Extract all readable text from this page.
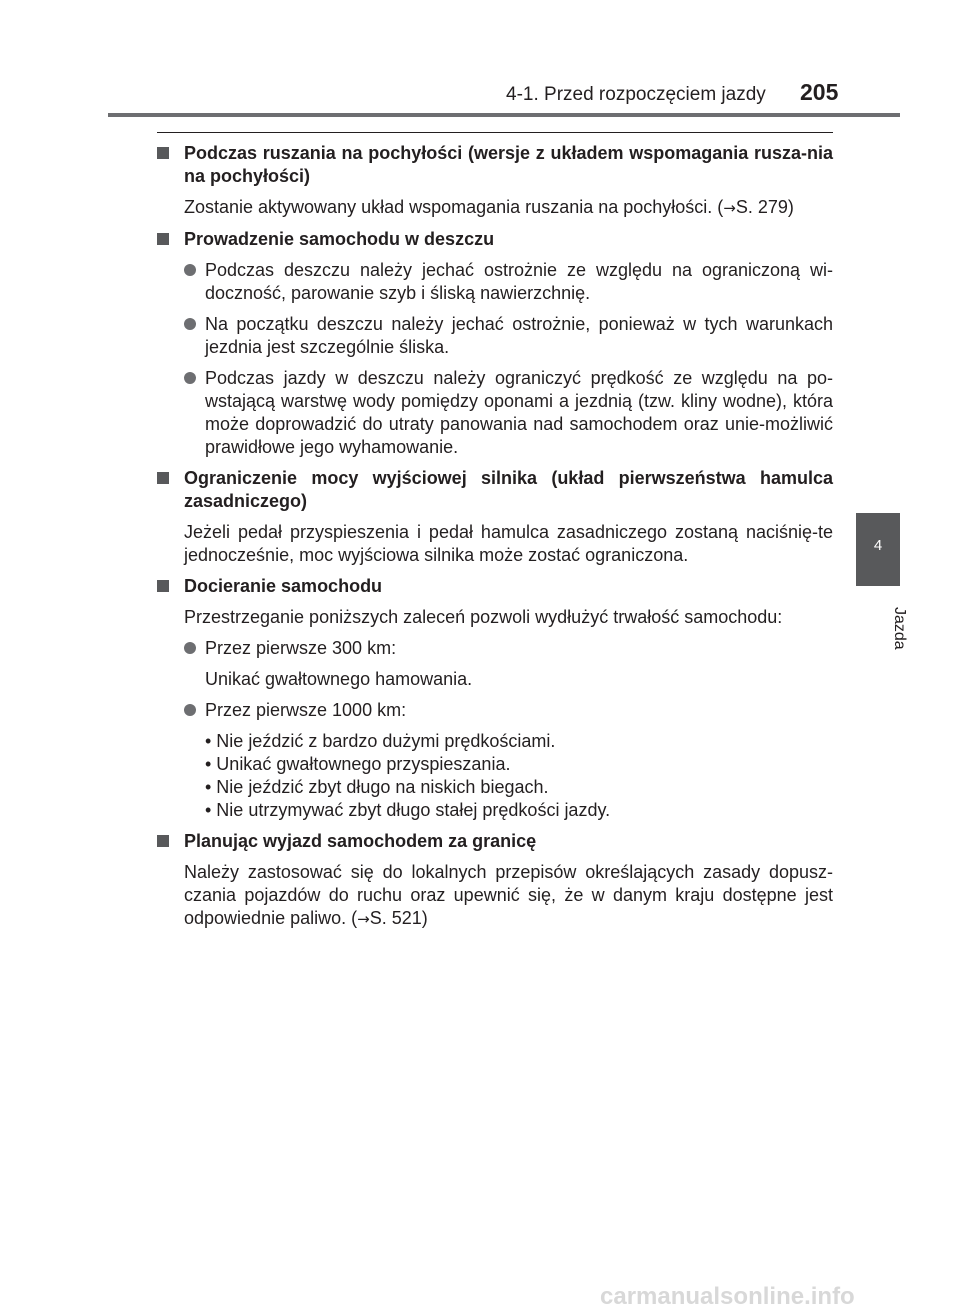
4-1. Przed rozpoczęciem jazdy 205
4
Jazda
Podczas ruszania na pochyłości (wersje z układem wspomagania rusza-nia na pochyłości)
Zostanie aktywowany układ wspomagania ruszania na pochyłości. (→S. 279)
Prowadzenie samochodu w deszczu
Podczas deszczu należy jechać ostrożnie ze względu na ograniczoną wi-doczność, parowanie szyb i śliską nawierzchnię.
Na początku deszczu należy jechać ostrożnie, ponieważ w tych warunkach jezdnia jest szczególnie śliska.
Podczas jazdy w deszczu należy ograniczyć prędkość ze względu na po-wstającą warstwę wody pomiędzy oponami a jezdnią (tzw. kliny wodne), która może doprowadzić do utraty panowania nad samochodem oraz unie-możliwić prawidłowe jego wyhamowanie.
Ograniczenie mocy wyjściowej silnika (układ pierwszeństwa hamulca zasadniczego)
Jeżeli pedał przyspieszenia i pedał hamulca zasadniczego zostaną naciśnię-te jednocześnie, moc wyjściowa silnika może zostać ograniczona.
Docieranie samochodu
Przestrzeganie poniższych zaleceń pozwoli wydłużyć trwałość samochodu:
Przez pierwsze 300 km:
Unikać gwałtownego hamowania.
Przez pierwsze 1000 km:
• Nie jeździć z bardzo dużymi prędkościami.
• Unikać gwałtownego przyspieszania.
• Nie jeździć zbyt długo na niskich biegach.
• Nie utrzymywać zbyt długo stałej prędkości jazdy.
Planując wyjazd samochodem za granicę
Należy zastosować się do lokalnych przepisów określających zasady dopusz-czania pojazdów do ruchu oraz upewnić się, że w danym kraju dostępne jest odpowiednie paliwo. (→S. 521)
carmanualsonline.info
